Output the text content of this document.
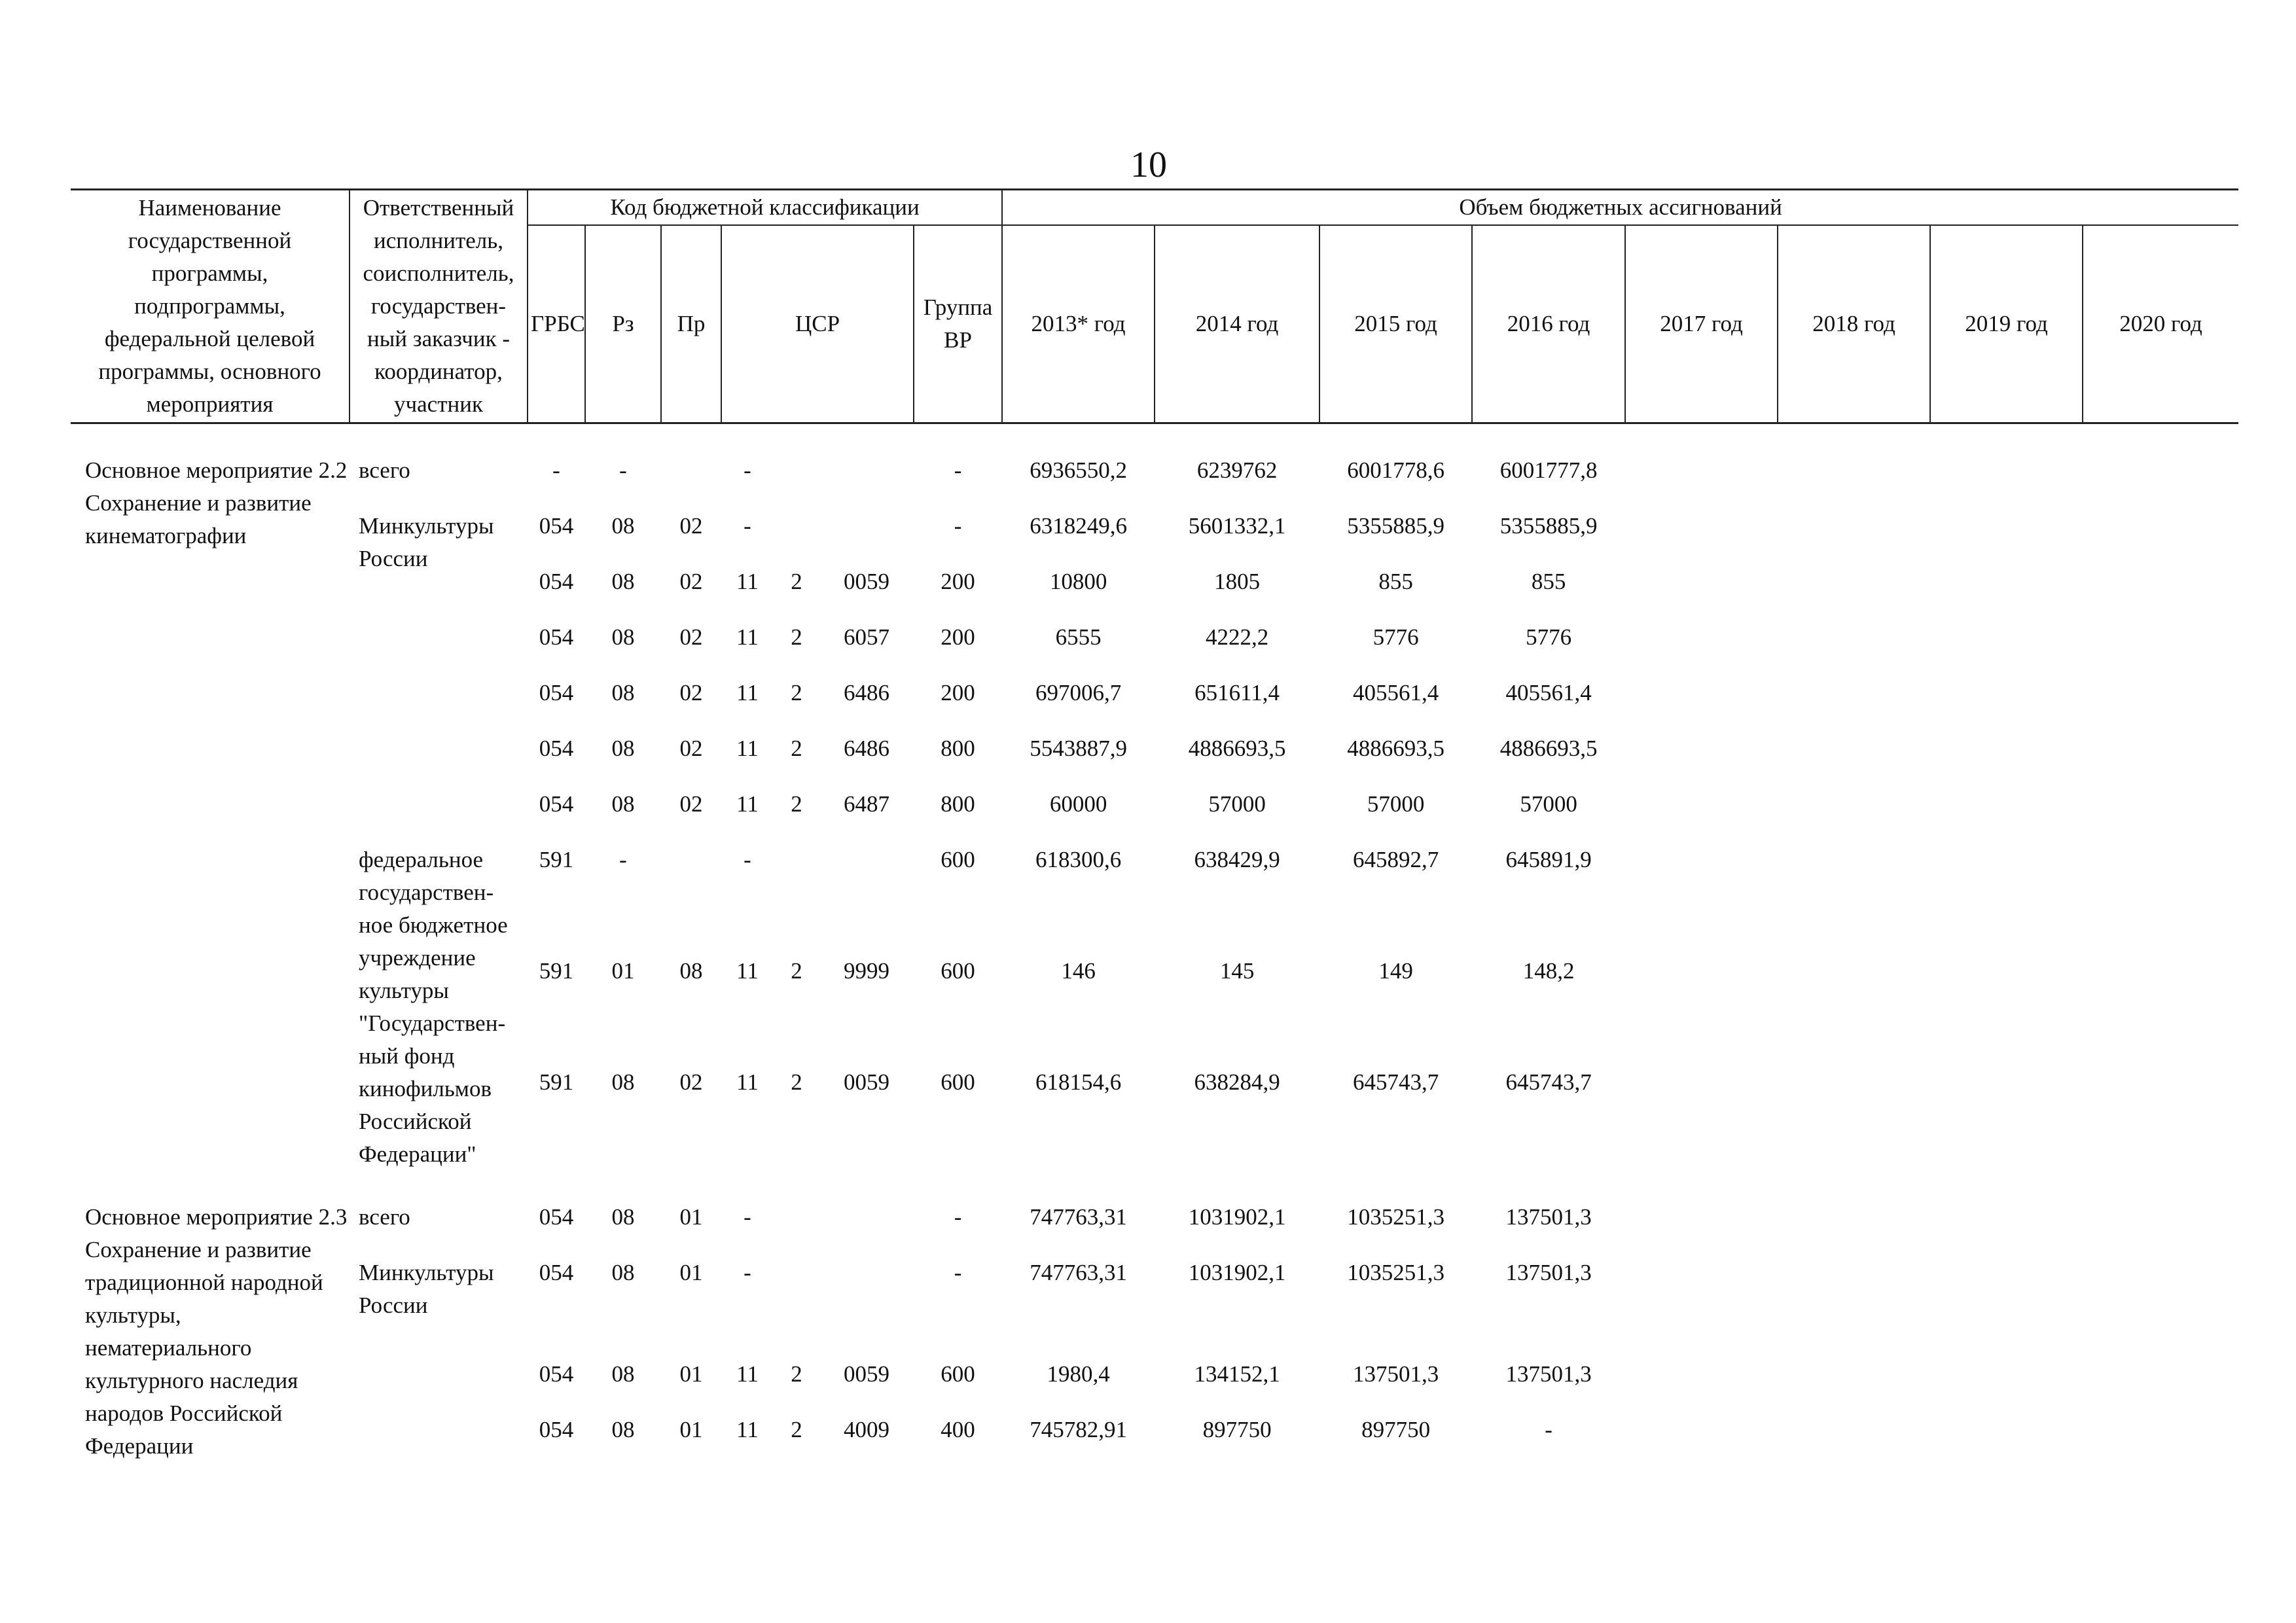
10
Наименование государственной программы, подпрограммы, федеральной целевой программы, основного мероприятия	Ответственный исполнитель, соисполнитель, государствен-ный заказчик - координатор, участник	Код бюджетной классификации							Объем бюджетных ассигнований							
		ГРБС	Рз	Пр	ЦСР			Группа ВР	2013* год	2014 год	2015 год	2016 год	2017 год	2018 год	2019 год	2020 год

Основное мероприятие 2.2 Сохранение и развитие кинематографии	всего	-	-		-			-	6936550,2	6239762	6001778,6	6001777,8				
	Минкультуры России	054	08	02	-			-	6318249,6	5601332,1	5355885,9	5355885,9				
		054	08	02	11	2	0059	200	10800	1805	855	855				
		054	08	02	11	2	6057	200	6555	4222,2	5776	5776				
		054	08	02	11	2	6486	200	697006,7	651611,4	405561,4	405561,4				
		054	08	02	11	2	6486	800	5543887,9	4886693,5	4886693,5	4886693,5				
		054	08	02	11	2	6487	800	60000	57000	57000	57000				
	федеральное государствен-ное бюджетное учреждение культуры "Государствен-ный фонд кинофильмов Российской Федерации"	591	-		-			600	618300,6	638429,9	645892,7	645891,9				
		591	01	08	11	2	9999	600	146	145	149	148,2				
		591	08	02	11	2	0059	600	618154,6	638284,9	645743,7	645743,7				

Основное мероприятие 2.3 Сохранение и развитие традиционной народной культуры, нематериального культурного наследия народов Российской Федерации	всего	054	08	01	-			-	747763,31	1031902,1	1035251,3	137501,3				
	Минкультуры России	054	08	01	-			-	747763,31	1031902,1	1035251,3	137501,3				
		054	08	01	11	2	0059	600	1980,4	134152,1	137501,3	137501,3				
		054	08	01	11	2	4009	400	745782,91	897750	897750	-				
